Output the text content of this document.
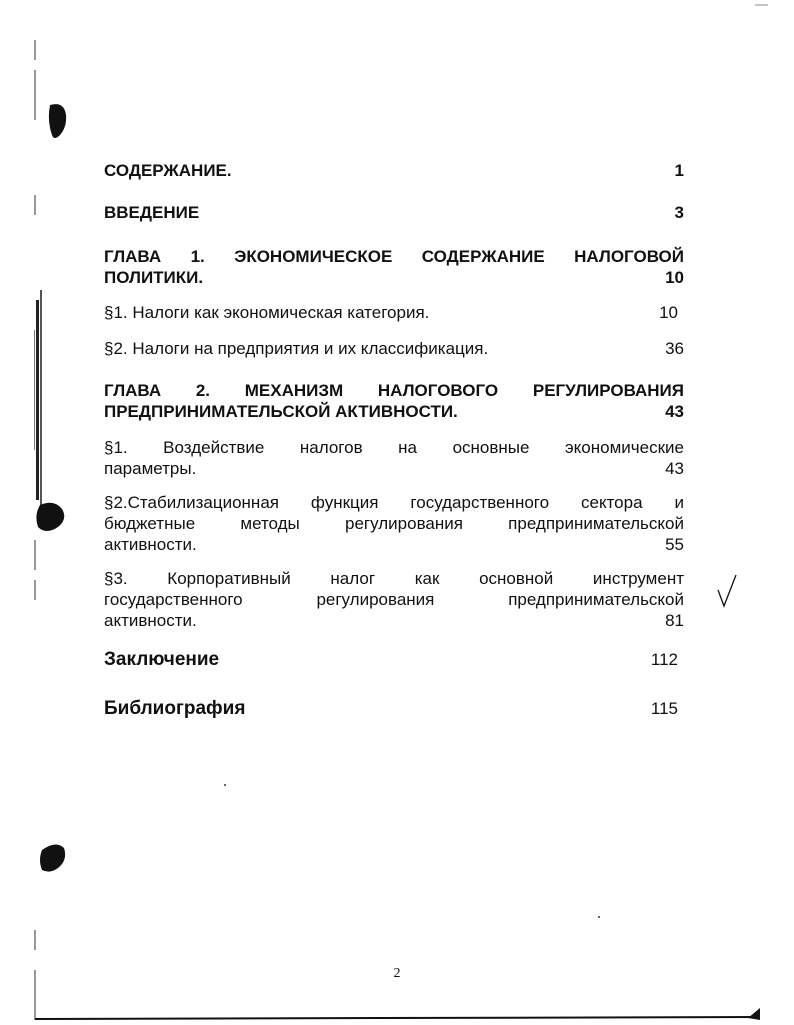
СОДЕРЖАНИЕ.	1
ВВЕДЕНИЕ	3
ГЛАВА 1. ЭКОНОМИЧЕСКОЕ СОДЕРЖАНИЕ НАЛОГОВОЙ
ПОЛИТИКИ.	10
§1. Налоги как экономическая категория.	10
§2. Налоги на предприятия и их классификация.	36
ГЛАВА 2. МЕХАНИЗМ НАЛОГОВОГО РЕГУЛИРОВАНИЯ
ПРЕДПРИНИМАТЕЛЬСКОЙ АКТИВНОСТИ.	43
§1. Воздействие налогов на основные экономические
параметры.	43
§2.Стабилизационная функция государственного сектора и
бюджетные методы регулирования предпринимательской
активности.	55
§3. Корпоративный налог как основной инструмент
государственного регулирования предпринимательской
активности.	81
Заключение	112
Библиография	115
2
